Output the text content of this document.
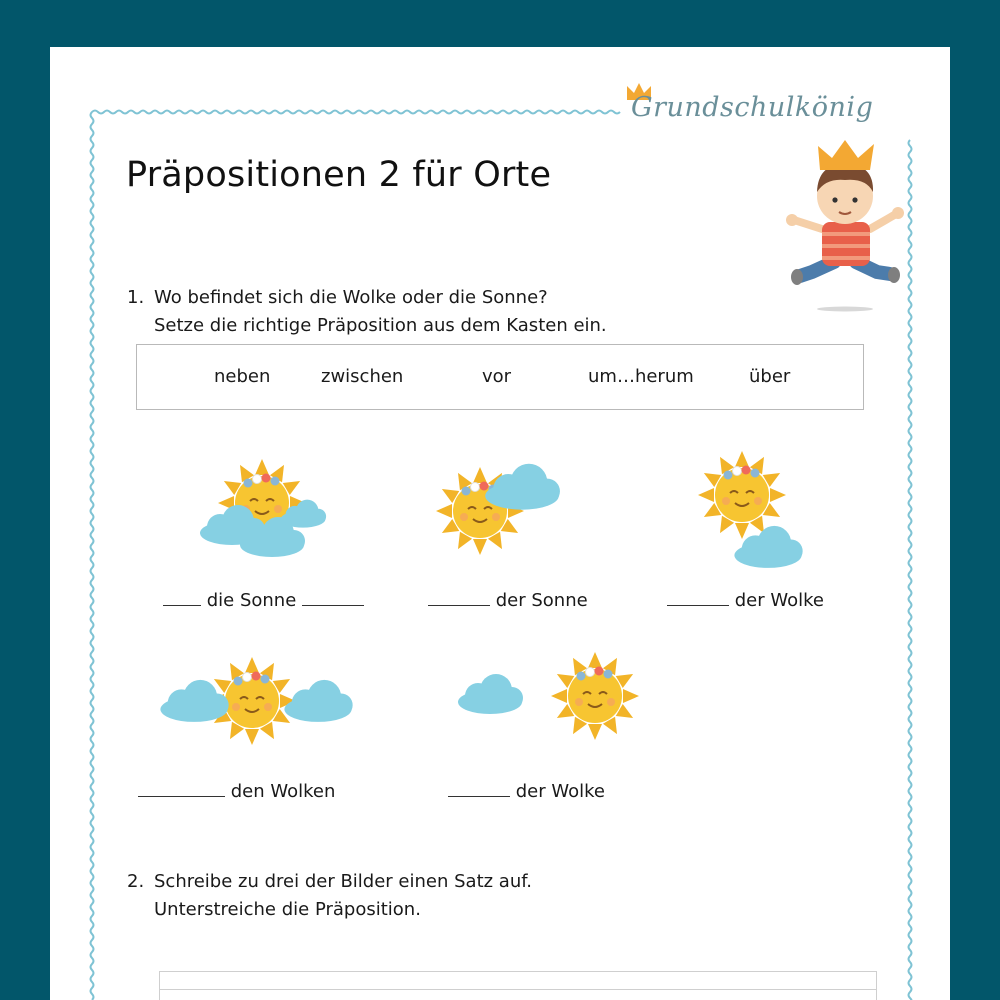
Grundschulkönig
Präpositionen 2 für Orte
1. Wo befindet sich die Wolke oder die Sonne?
Setze die richtige Präposition aus dem Kasten ein.
neben	zwischen	vor	um…herum	über
die Sonne	der Sonne	der Wolke
den Wolken	der Wolke
2. Schreibe zu drei der Bilder einen Satz auf.
Unterstreiche die Präposition.
